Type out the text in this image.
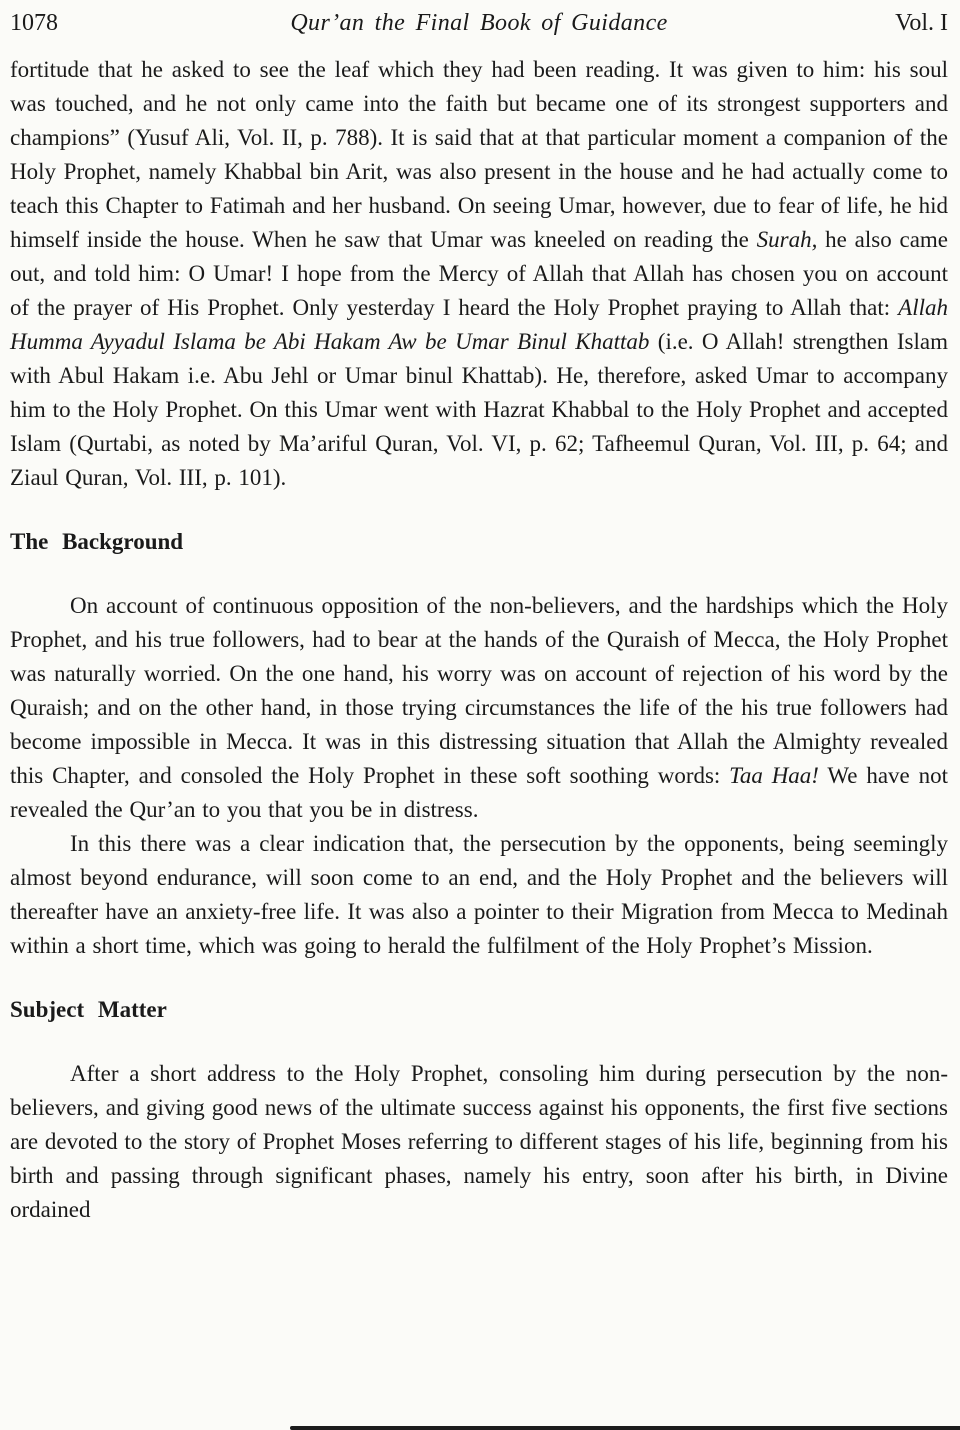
1078	Qur’an the Final Book of Guidance	Vol. I

fortitude that he asked to see the leaf which they had been reading. It was given to him: his soul was touched, and he not only came into the faith but became one of its strongest supporters and champions” (Yusuf Ali, Vol. II, p. 788). It is said that at that particular moment a companion of the Holy Prophet, namely Khabbal bin Arit, was also present in the house and he had actually come to teach this Chapter to Fatimah and her husband. On seeing Umar, however, due to fear of life, he hid himself inside the house. When he saw that Umar was kneeled on reading the Surah, he also came out, and told him: O Umar! I hope from the Mercy of Allah that Allah has chosen you on account of the prayer of His Prophet. Only yesterday I heard the Holy Prophet praying to Allah that: Allah Humma Ayyadul Islama be Abi Hakam Aw be Umar Binul Khattab (i.e. O Allah! strengthen Islam with Abul Hakam i.e. Abu Jehl or Umar binul Khattab). He, therefore, asked Umar to accompany him to the Holy Prophet. On this Umar went with Hazrat Khabbal to the Holy Prophet and accepted Islam (Qurtabi, as noted by Ma’ariful Quran, Vol. VI, p. 62; Tafheemul Quran, Vol. III, p. 64; and Ziaul Quran, Vol. III, p. 101).

The Background

On account of continuous opposition of the non-believers, and the hardships which the Holy Prophet, and his true followers, had to bear at the hands of the Quraish of Mecca, the Holy Prophet was naturally worried. On the one hand, his worry was on account of rejection of his word by the Quraish; and on the other hand, in those trying circumstances the life of the his true followers had become impossible in Mecca. It was in this distressing situation that Allah the Almighty revealed this Chapter, and consoled the Holy Prophet in these soft soothing words: Taa Haa! We have not revealed the Qur’an to you that you be in distress.

In this there was a clear indication that, the persecution by the opponents, being seemingly almost beyond endurance, will soon come to an end, and the Holy Prophet and the believers will thereafter have an anxiety-free life. It was also a pointer to their Migration from Mecca to Medinah within a short time, which was going to herald the fulfilment of the Holy Prophet’s Mission.

Subject Matter

After a short address to the Holy Prophet, consoling him during persecution by the non-believers, and giving good news of the ultimate success against his opponents, the first five sections are devoted to the story of Prophet Moses referring to different stages of his life, beginning from his birth and passing through significant phases, namely his entry, soon after his birth, in Divine ordained
